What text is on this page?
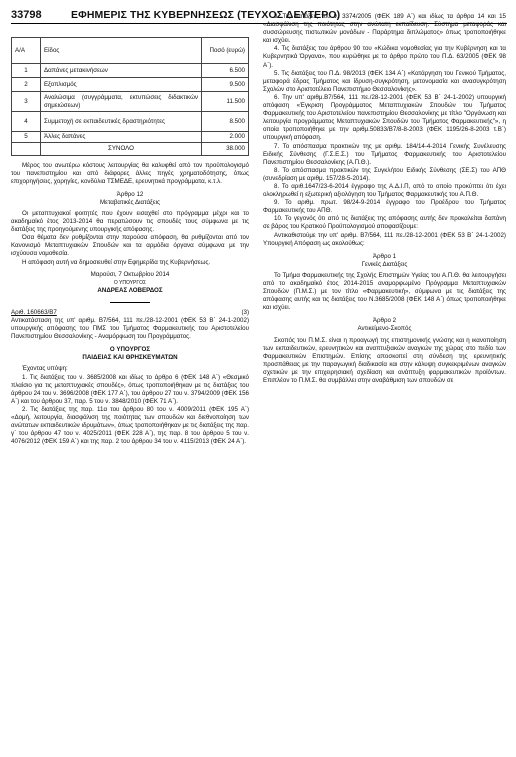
33798	ΕΦΗΜΕΡΙΣ ΤΗΣ ΚΥΒΕΡΝΗΣΕΩΣ (ΤΕΥΧΟΣ ΔΕΥΤΕΡΟ)
Α/Α	Είδος	Ποσό (ευρώ)
1	Δαπάνες μετακινήσεων	6.500
2	Εξοπλισμός	9.500
3	Αναλώσιμα (συγγράμματα, εκτυπώσεις διδακτικών σημειώσεων)	11.500
4	Συμμετοχή σε εκπαιδευτικές δραστηριότητες	8.500
5	Άλλες δαπάνες	2.000
	ΣΥΝΟΛΟ	38.000

Μέρος του ανωτέρω κόστους λειτουργίας θα καλυφθεί από τον προϋπολογισμό του πανεπιστημίου και από διάφορες άλλες πηγές χρηματοδότησης, όπως επιχορηγήσεις, χορηγίες, κονδύλια ΤΣΜΕΔΕ, ερευνητικά προγράμματα, κ.τ.λ.

Άρθρο 12

Μεταβατικές Διατάξεις

Οι μεταπτυχιακοί φοιτητές που έχουν εισαχθεί στο πρόγραμμα μέχρι και το ακαδημαϊκό έτος 2013-2014 θα περατώσουν τις σπουδές τους σύμφωνα με τις διατάξεις της προηγούμενης υπουργικής απόφασης.

Όσα θέματα δεν ρυθμίζονται στην παρούσα απόφαση, θα ρυθμίζονται από τον Κανονισμό Μεταπτυχιακών Σπουδών και τα αρμόδια όργανα σύμφωνα με την ισχύουσα νομοθεσία.

Η απόφαση αυτή να δημοσιευθεί στην Εφημερίδα της Κυβερνήσεως.

Μαρούσι, 7 Οκτωβρίου 2014

Ο ΥΠΟΥΡΓΟΣ

ΑΝΔΡΕΑΣ ΛΟΒΕΡΔΟΣ

Αριθ. 160663/Β7	(3)

Αντικατάσταση της υπ' αριθμ. Β7/564, 111 πε./28-12-2001 (ΦΕΚ 53 Β΄ 24-1-2002) υπουργικής απόφασης του ΠΜΣ του Τμήματος Φαρμακευτικής του Αριστοτελείου Πανεπιστημίου Θεσσαλονίκης - Αναμόρφωση του Προγράμματος.

Ο ΥΠΟΥΡΓΟΣ

ΠΑΙΔΕΙΑΣ ΚΑΙ ΘΡΗΣΚΕΥΜΑΤΩΝ

Έχοντας υπόψη:

1. Τις διατάξεις του ν. 3685/2008 και ιδίως το άρθρο 6 (ΦΕΚ 148 Α΄) «Θεσμικό πλαίσιο για τις μεταπτυχιακές σπουδές», όπως τροποποιήθηκαν με τις διατάξεις του άρθρου 24 του ν. 3696/2008 (ΦΕΚ 177 Α΄), του άρθρου 27 του ν. 3794/2009 (ΦΕΚ 156 Α΄) και του άρθρου 37, παρ. 5 του ν. 3848/2010 (ΦΕΚ 71 Α΄).

2. Τις διατάξεις της παρ. 11α του άρθρου 80 του ν. 4009/2011 (ΦΕΚ 195 Α΄) «Δομή, λειτουργία, διασφάλιση της ποιότητας των σπουδών και διεθνοποίηση των ανώτατων εκπαιδευτικών ιδρυμάτων», όπως τροποποιήθηκαν με τις διατάξεις της παρ. γ΄ του άρθρου 47 του ν. 4025/2011 (ΦΕΚ 228 Α΄), της παρ. 8 του άρθρου 5 του ν. 4076/2012 (ΦΕΚ 159 Α΄) και της παρ. 2 του άρθρου 34 του ν. 4115/2013 (ΦΕΚ 24 Α΄).

3. Τις διατάξεις του ν. 3374/2005 (ΦΕΚ 189 Α΄) και ιδίως τα άρθρα 14 και 15 «Διασφάλιση της ποιότητας στην ανώτατη εκπαίδευση. Σύστημα μεταφοράς και συσσώρευσης πιστωτικών μονάδων - Παράρτημα διπλώματος» όπως τροποποιήθηκε και ισχύει.

4. Τις διατάξεις του άρθρου 90 του «Κώδικα νομοθεσίας για την Κυβέρνηση και τα Κυβερνητικά Όργανα», που κυρώθηκε με το άρθρο πρώτο του Π.Δ. 63/2005 (ΦΕΚ 98 Α΄).

5. Τις διατάξεις του Π.Δ. 98/2013 (ΦΕΚ 134 Α΄) «Κατάργηση του Γενικού Τμήματος, μεταφορά έδρας Τμήματος και ίδρυση-συγκρότηση, μετονομασία και ανασυγκρότηση Σχολών στο Αριστοτέλειο Πανεπιστήμιο Θεσσαλονίκης».

6. Την υπ' αριθμ.Β7/564, 111 πε./28-12-2001 (ΦΕΚ 53 Β΄ 24-1-2002) υπουργική απόφαση «Έγκριση Προγράμματος Μεταπτυχιακών Σπουδών του Τμήματος Φαρμακευτικής του Αριστοτελείου πανεπιστημίου Θεσσαλονίκης με τίτλο "Οργάνωση και λειτουργία προγράμματος Μεταπτυχιακών Σπουδών του Τμήματος Φαρμακευτικής"», η οποία τροποποιήθηκε με την αριθμ.50833/Β7/8-8-2003 (ΦΕΚ 1195/26-8-2003 τ.Β΄) υπουργική απόφαση.

7. Το απόσπασμα πρακτικών της με αριθμ. 184/14-4-2014 Γενικής Συνέλευσης Ειδικής Σύνθεσης (Γ.Σ.Ε.Σ.) του Τμήματος Φαρμακευτικής του Αριστοτελείου Πανεπιστημίου Θεσσαλονίκης (Α.Π.Θ.).

8. Το απόσπασμα πρακτικών της Συγκλήτου Ειδικής Σύνθεσης (ΣΕ.Σ) του ΑΠΘ (συνεδρίαση με αριθμ. 157/28-5-2014).

8. Το αριθ.1647/23-6-2014 έγγραφο της Α.Δ.Ι.Π, από το οποίο προκύπτει ότι έχει ολοκληρωθεί η εξωτερική αξιολόγηση του Τμήματος Φαρμακευτικής του Α.Π.Θ.

9. Το αριθμ. πρωτ. 98/24-9-2014 έγγραφο του Προέδρου του Τμήματος Φαρμακευτικής του ΑΠΘ.

10. Το γεγονός ότι από τις διατάξεις της απόφασης αυτής δεν προκαλείται δαπάνη σε βάρος του Κρατικού Προϋπολογισμού αποφασίζουμε:

Αντικαθιστούμε την υπ' αριθμ. Β7/564, 111 πε./28-12-2001 (ΦΕΚ 53 Β΄ 24-1-2002) Υπουργική Απόφαση ως ακολούθως:

Άρθρο 1

Γενικές Διατάξεις

Το Τμήμα Φαρμακευτικής της Σχολής Επιστημών Υγείας του Α.Π.Θ. θα λειτουργήσει από το ακαδημαϊκό έτος 2014-2015 αναμορφωμένο Πρόγραμμα Μεταπτυχιακών Σπουδών (Π.Μ.Σ.) με τον τίτλο «Φαρμακευτική», σύμφωνα με τις διατάξεις της απόφασης αυτής και τις διατάξεις του Ν.3685/2008 (ΦΕΚ 148 Α΄) όπως τροποποιήθηκε και ισχύει.

Άρθρο 2

Αντικείμενο-Σκοπός

Σκοπός του Π.Μ.Σ. είναι η προαγωγή της επιστημονικής γνώσης και η ικανοποίηση των εκπαιδευτικών, ερευνητικών και αναπτυξιακών αναγκών της χώρας στο πεδίο των Φαρμακευτικών Επιστημών. Επίσης αποσκοπεί στη σύνδεση της ερευνητικής προσπάθειας με την παραγωγική διαδικασία και στην κάλυψη συγκεκριμένων αναγκών σχετικών με την επιχειρησιακή σχεδίαση και ανάπτυξη φαρμακευτικών προϊόντων. Επιπλέον το Π.Μ.Σ. θα συμβάλλει στην αναβάθμιση των σπουδών σε
